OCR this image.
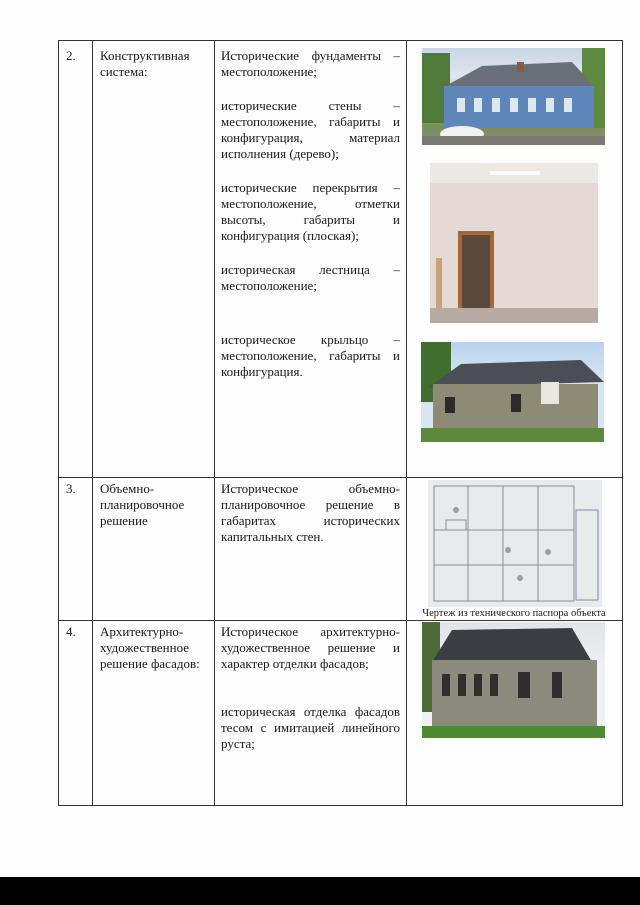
2. Конструктивная система:
Исторические фундаменты – местоположение;
исторические стены – местоположение, габариты и конфигурация, материал исполнения (дерево);
исторические перекрытия – местоположение, отметки высоты, габариты и конфигурация (плоская);
историческая лестница – местоположение;
историческое крыльцо – местоположение, габариты и конфигурация.
3. Объемно-планировочное решение
Историческое объемно-планировочное решение в габаритах исторических капитальных стен.
Чертеж из технического паспора объекта
4. Архитектурно-художественное решение фасадов:
Историческое архитектурно-художественное решение и характер отделки фасадов;
историческая отделка фасадов тесом с имитацией линейного руста;
